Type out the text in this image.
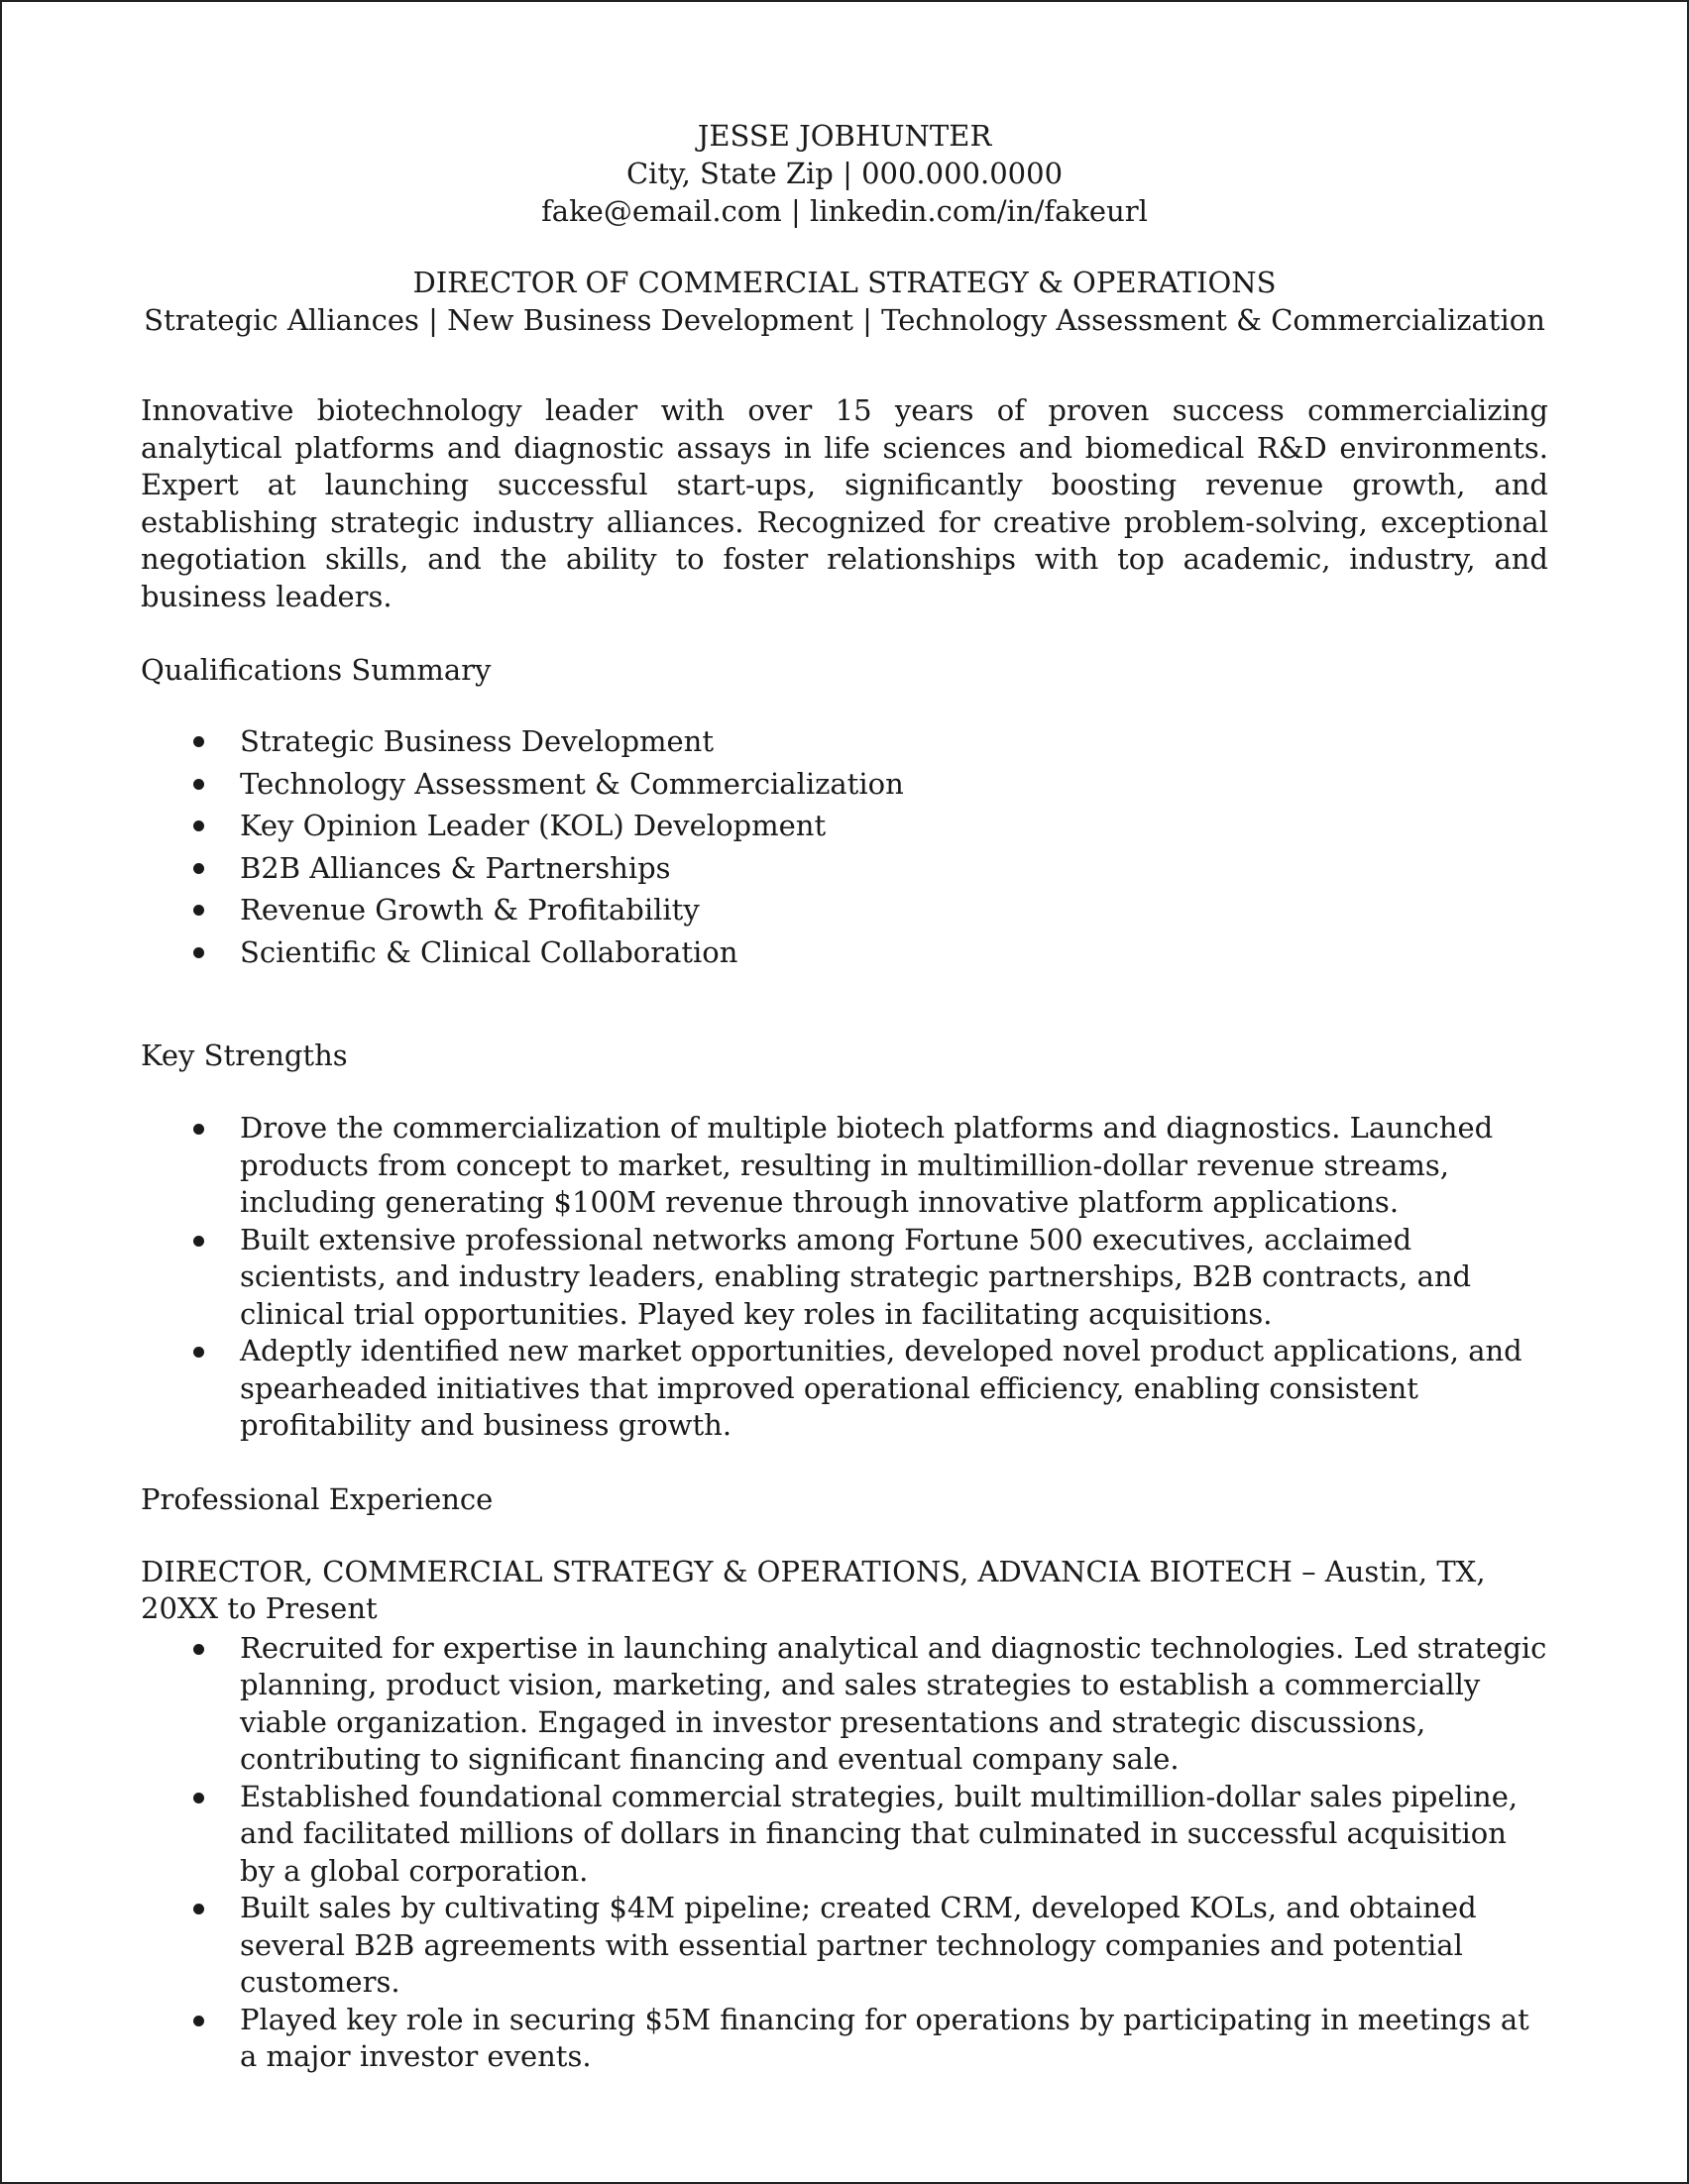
JESSE JOBHUNTER
City, State Zip | 000.000.0000
fake@email.com | linkedin.com/in/fakeurl
DIRECTOR OF COMMERCIAL STRATEGY & OPERATIONS
Strategic Alliances | New Business Development | Technology Assessment & Commercialization

Innovative biotechnology leader with over 15 years of proven success commercializing analytical platforms and diagnostic assays in life sciences and biomedical R&D environments. Expert at launching successful start-ups, significantly boosting revenue growth, and establishing strategic industry alliances. Recognized for creative problem-solving, exceptional negotiation skills, and the ability to foster relationships with top academic, industry, and business leaders.

Qualifications Summary
Strategic Business Development
Technology Assessment & Commercialization
Key Opinion Leader (KOL) Development
B2B Alliances & Partnerships
Revenue Growth & Profitability
Scientific & Clinical Collaboration
Key Strengths
Drove the commercialization of multiple biotech platforms and diagnostics. Launched products from concept to market, resulting in multimillion-dollar revenue streams, including generating $100M revenue through innovative platform applications.
Built extensive professional networks among Fortune 500 executives, acclaimed scientists, and industry leaders, enabling strategic partnerships, B2B contracts, and clinical trial opportunities. Played key roles in facilitating acquisitions.
Adeptly identified new market opportunities, developed novel product applications, and spearheaded initiatives that improved operational efficiency, enabling consistent profitability and business growth.
Professional Experience
DIRECTOR, COMMERCIAL STRATEGY & OPERATIONS, ADVANCIA BIOTECH – Austin, TX, 20XX to Present
Recruited for expertise in launching analytical and diagnostic technologies. Led strategic planning, product vision, marketing, and sales strategies to establish a commercially viable organization. Engaged in investor presentations and strategic discussions, contributing to significant financing and eventual company sale.
Established foundational commercial strategies, built multimillion-dollar sales pipeline, and facilitated millions of dollars in financing that culminated in successful acquisition by a global corporation.
Built sales by cultivating $4M pipeline; created CRM, developed KOLs, and obtained several B2B agreements with essential partner technology companies and potential customers.
Played key role in securing $5M financing for operations by participating in meetings at a major investor events.
